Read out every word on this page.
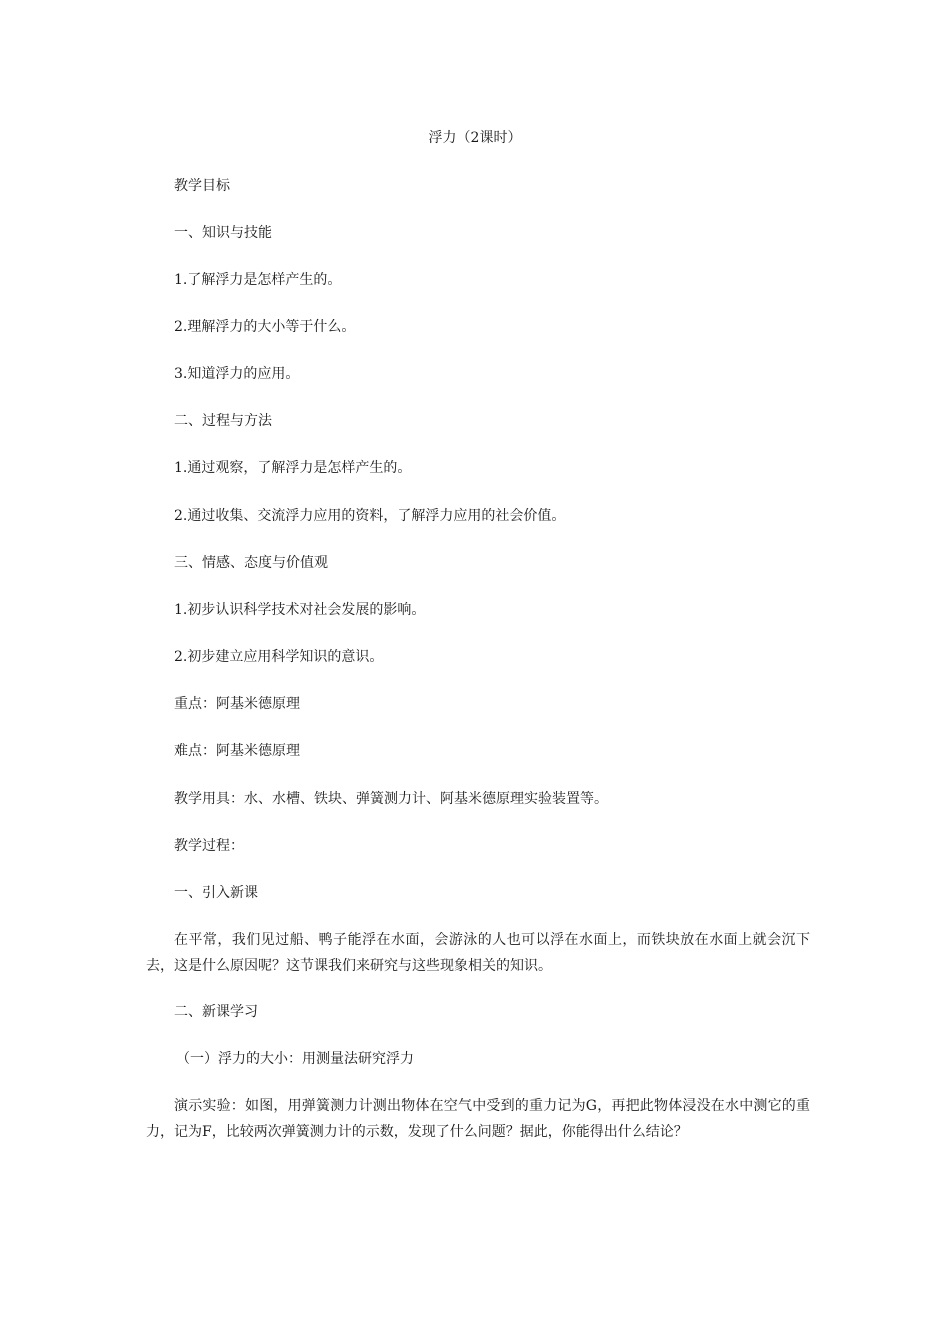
浮力（2课时）
教学目标
一、知识与技能
1.了解浮力是怎样产生的。
2.理解浮力的大小等于什么。
3.知道浮力的应用。
二、过程与方法
1.通过观察，了解浮力是怎样产生的。
2.通过收集、交流浮力应用的资料，了解浮力应用的社会价值。
三、情感、态度与价值观
1.初步认识科学技术对社会发展的影响。
2.初步建立应用科学知识的意识。
重点：阿基米德原理
难点：阿基米德原理
教学用具：水、水槽、铁块、弹簧测力计、阿基米德原理实验装置等。
教学过程：
一、引入新课
在平常，我们见过船、鸭子能浮在水面，会游泳的人也可以浮在水面上，而铁块放在水面上就会沉下去，这是什么原因呢？这节课我们来研究与这些现象相关的知识。
二、新课学习
（一）浮力的大小：用测量法研究浮力
演示实验：如图，用弹簧测力计测出物体在空气中受到的重力记为G，再把此物体浸没在水中测它的重力，记为F，比较两次弹簧测力计的示数，发现了什么问题？据此，你能得出什么结论？
